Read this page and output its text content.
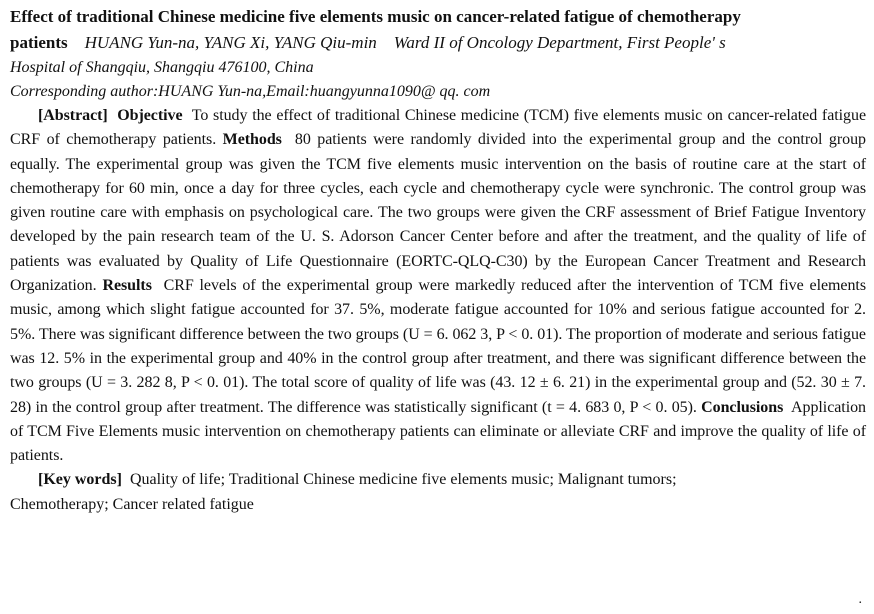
Effect of traditional Chinese medicine five elements music on cancer-related fatigue of chemotherapy
patients HUANG Yun-na, YANG Xi, YANG Qiu-min Ward II of Oncology Department, First People' s

Hospital of Shangqiu, Shangqiu 476100, China

Corresponding author:HUANG Yun-na,Email:huangyunna1090@ qq. com

[Abstract] Objective To study the effect of traditional Chinese medicine (TCM) five elements music on cancer-related fatigue CRF of chemotherapy patients. Methods 80 patients were randomly divided into the experimental group and the control group equally. The experimental group was given the TCM five elements music intervention on the basis of routine care at the start of chemotherapy for 60 min, once a day for three cycles, each cycle and chemotherapy cycle were synchronic. The control group was given routine care with emphasis on psychological care. The two groups were given the CRF assessment of Brief Fatigue Inventory developed by the pain research team of the U. S. Adorson Cancer Center before and after the treatment, and the quality of life of patients was evaluated by Quality of Life Questionnaire (EORTC-QLQ-C30) by the European Cancer Treatment and Research Organization. Results CRF levels of the experimental group were markedly reduced after the intervention of TCM five elements music, among which slight fatigue accounted for 37. 5%, moderate fatigue accounted for 10% and serious fatigue accounted for 2. 5%. There was significant difference between the two groups (U = 6. 062 3, P < 0. 01). The proportion of moderate and serious fatigue was 12. 5% in the experimental group and 40% in the control group after treatment, and there was significant difference between the two groups (U = 3. 282 8, P < 0. 01). The total score of quality of life was (43. 12 ± 6. 21) in the experimental group and (52. 30 ± 7. 28) in the control group after treatment. The difference was statistically significant (t = 4. 683 0, P < 0. 05). Conclusions Application of TCM Five Elements music intervention on chemotherapy patients can eliminate or alleviate CRF and improve the quality of life of patients.

[Key words] Quality of life; Traditional Chinese medicine five elements music; Malignant tumors;
Chemotherapy; Cancer related fatigue

.
